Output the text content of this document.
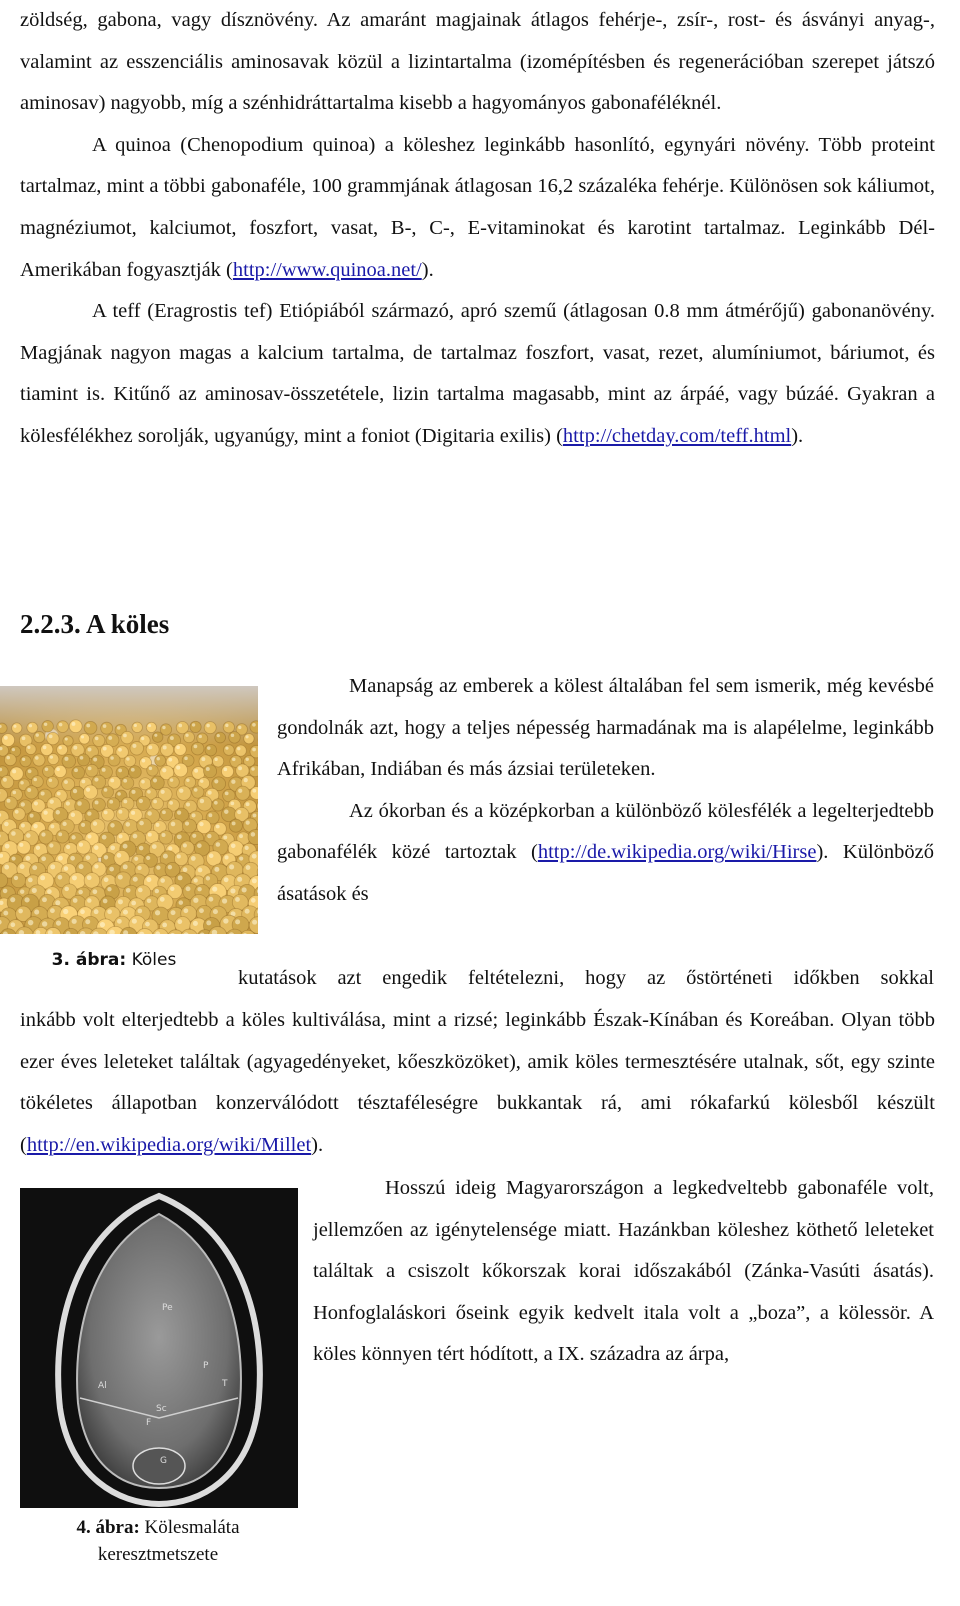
zöldség, gabona, vagy dísznövény. Az amaránt magjainak átlagos fehérje-, zsír-, rost- és ásványi anyag-, valamint az esszenciális aminosavak közül a lizintartalma (izomépítésben és regenerációban szerepet játszó aminosav) nagyobb, míg a szénhidráttartalma kisebb a hagyományos gabonaféléknél.

A quinoa (Chenopodium quinoa) a köleshez leginkább hasonlító, egynyári növény. Több proteint tartalmaz, mint a többi gabonaféle, 100 grammjának átlagosan 16,2 százaléka fehérje. Különösen sok káliumot, magnéziumot, kalciumot, foszfort, vasat, B-, C-, E-vitaminokat és karotint tartalmaz. Leginkább Dél-Amerikában fogyasztják (http://www.quinoa.net/).

A teff (Eragrostis tef) Etiópiából származó, apró szemű (átlagosan 0.8 mm átmérőjű) gabonanövény. Magjának nagyon magas a kalcium tartalma, de tartalmaz foszfort, vasat, rezet, alumíniumot, báriumot, és tiamint is. Kitűnő az aminosav-összetétele, lizin tartalma magasabb, mint az árpáé, vagy búzáé. Gyakran a kölesfélékhez sorolják, ugyanúgy, mint a foniot (Digitaria exilis) (http://chetday.com/teff.html).

2.2.3. A köles
3. ábra: Köles

Manapság az emberek a kölest általában fel sem ismerik, még kevésbé gondolnák azt, hogy a teljes népesség harmadának ma is alapélelme, leginkább Afrikában, Indiában és más ázsiai területeken.

Az ókorban és a középkorban a különböző kölesfélék a legelterjedtebb gabonafélék közé tartoztak (http://de.wikipedia.org/wiki/Hirse). Különböző ásatások és

kutatások azt engedik feltételezni, hogy az őstörténeti időkben sokkal

inkább volt elterjedtebb a köles kultiválása, mint a rizsé; leginkább Észak-Kínában és Koreában. Olyan több ezer éves leleteket találtak (agyagedényeket, kőeszközöket), amik köles termesztésére utalnak, sőt, egy szinte tökéletes állapotban konzerválódott tésztaféleségre bukkantak rá, ami rókafarkú kölesből készült (http://en.wikipedia.org/wiki/Millet).

Pe
Al
P
T
Sc
F
G
4. ábra: Kölesmaláta keresztmetszete

Hosszú ideig Magyarországon a legkedveltebb gabonaféle volt, jellemzően az igénytelensége miatt. Hazánkban köleshez köthető leleteket találtak a csiszolt kőkorszak korai időszakából (Zánka-Vasúti ásatás). Honfoglaláskori őseink egyik kedvelt itala volt a „boza”, a kölessör. A köles könnyen tért hódított, a IX. századra az árpa,
